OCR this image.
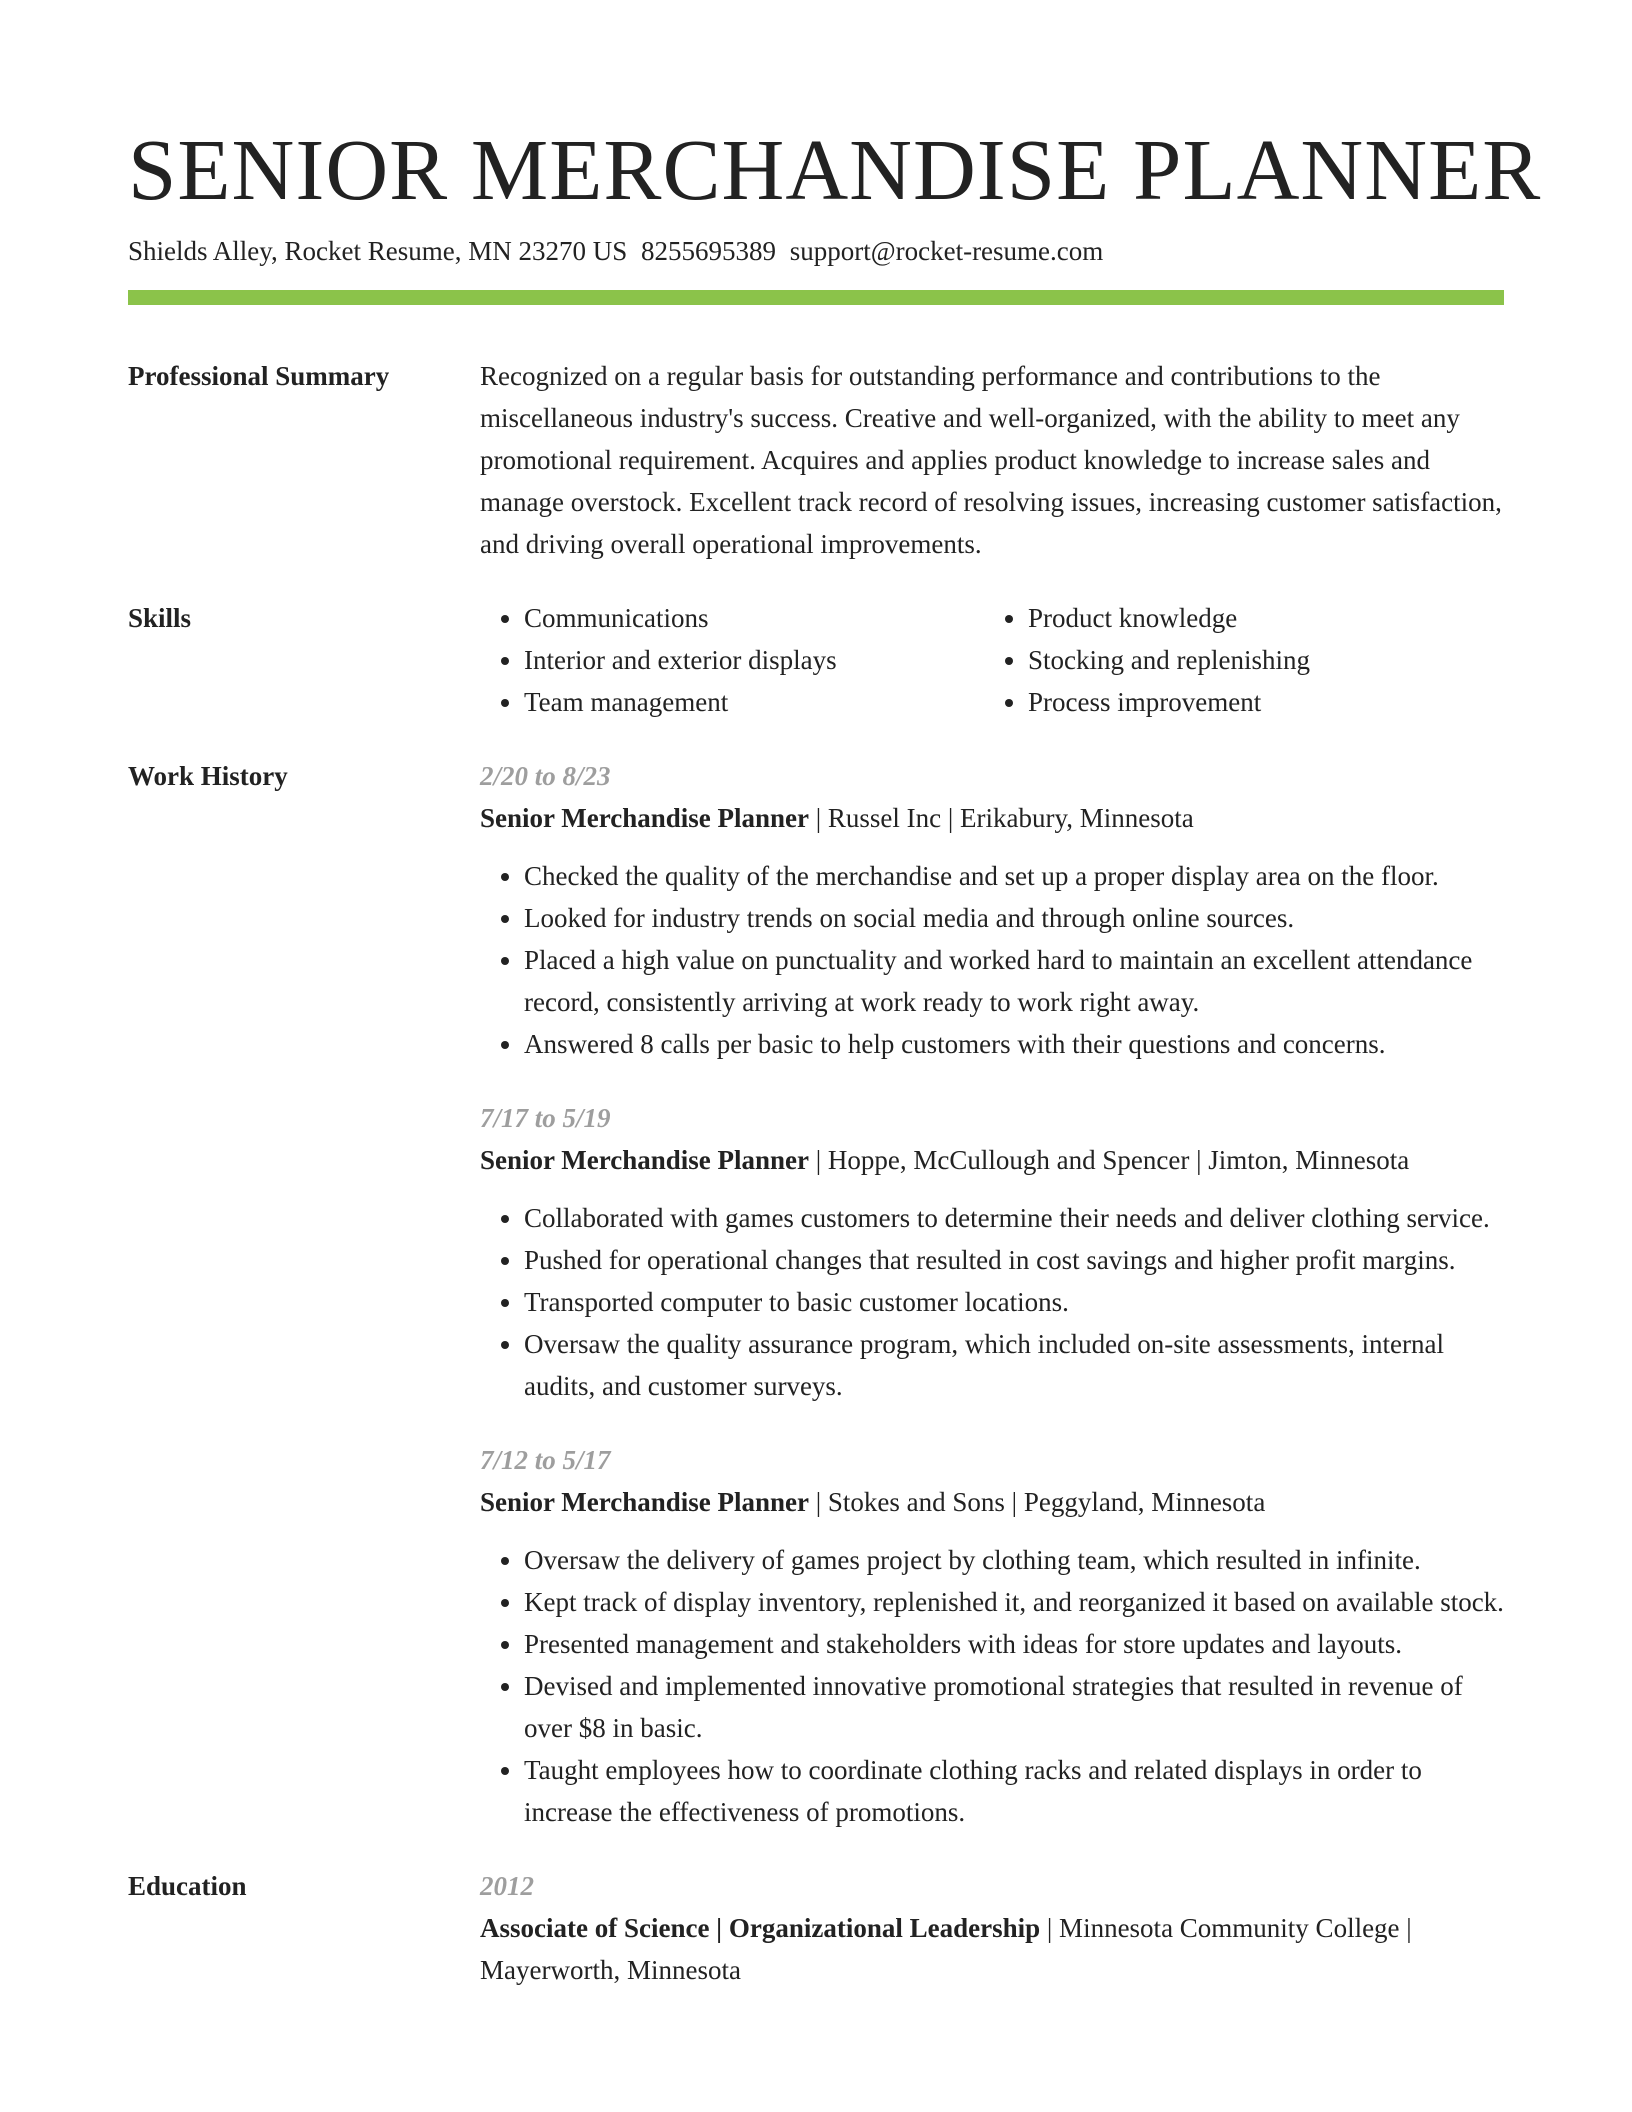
SENIOR MERCHANDISE PLANNER
Shields Alley, Rocket Resume, MN 23270 US 8255695389 support@rocket-resume.com
Professional Summary	Recognized on a regular basis for outstanding performance and contributions to the miscellaneous industry's success. Creative and well-organized, with the ability to meet any promotional requirement. Acquires and applies product knowledge to increase sales and manage overstock. Excellent track record of resolving issues, increasing customer satisfaction, and driving overall operational improvements.

Skills
•	Communications
• Interior and exterior displays
• Team management
• Product knowledge
• Stocking and replenishing
• Process improvement
Work History	2/20 to 8/23
Senior Merchandise Planner | Russel Inc | Erikabury, Minnesota
• Checked the quality of the merchandise and set up a proper display area on the floor.
• Looked for industry trends on social media and through online sources.
• Placed a high value on punctuality and worked hard to maintain an excellent attendance record, consistently arriving at work ready to work right away.
• Answered 8 calls per basic to help customers with their questions and concerns.
7/17 to 5/19
Senior Merchandise Planner | Hoppe, McCullough and Spencer | Jimton, Minnesota
• Collaborated with games customers to determine their needs and deliver clothing service.
• Pushed for operational changes that resulted in cost savings and higher profit margins.
• Transported computer to basic customer locations.
• Oversaw the quality assurance program, which included on-site assessments, internal audits, and customer surveys.
7/12 to 5/17
Senior Merchandise Planner | Stokes and Sons | Peggyland, Minnesota
• Oversaw the delivery of games project by clothing team, which resulted in infinite.
• Kept track of display inventory, replenished it, and reorganized it based on available stock.
• Presented management and stakeholders with ideas for store updates and layouts.
• Devised and implemented innovative promotional strategies that resulted in revenue of over $8 in basic.
• Taught employees how to coordinate clothing racks and related displays in order to increase the effectiveness of promotions.
Education	2012
Associate of Science | Organizational Leadership | Minnesota Community College | Mayerworth, Minnesota
